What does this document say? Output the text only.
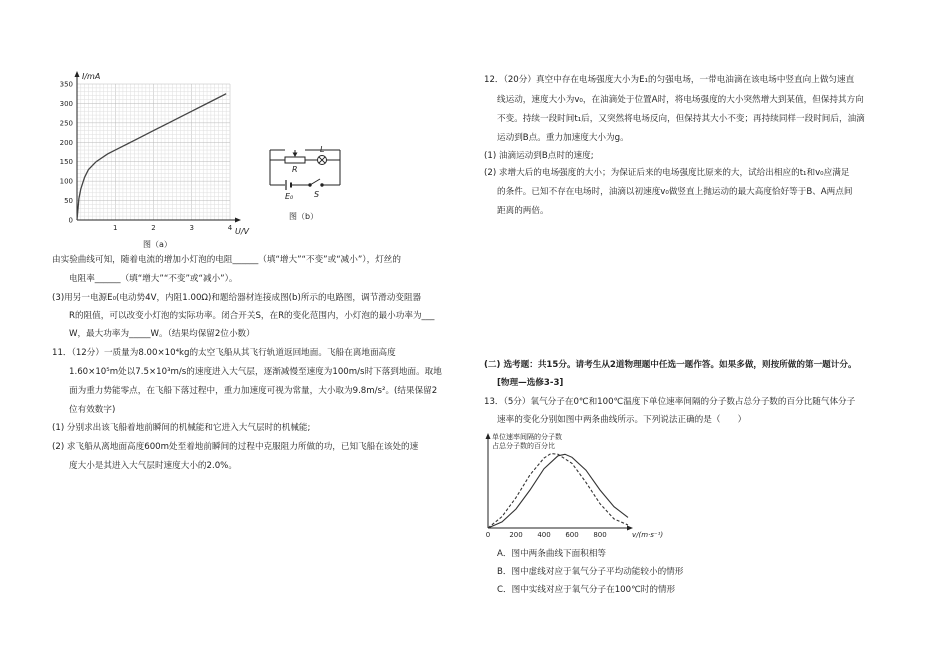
I/mA
U/V
350
300
250
200
150
100
50
0
1	2	3	4
图（a）
L
R
E₀	S
图（b）
由实验曲线可知，随着电流的增加小灯泡的电阻______（填“增大”“不变”或“减小”），灯丝的
电阻率______（填“增大”“不变”或“减小”）。
(3)用另一电源E₀(电动势4V，内阻1.00Ω)和题给器材连接成图(b)所示的电路图，调节滑动变阻器
R的阻值，可以改变小灯泡的实际功率。闭合开关S，在R的变化范围内，小灯泡的最小功率为___
W，最大功率为_____W。（结果均保留2位小数）
11．（12分）一质量为8.00×10⁴kg的太空飞船从其飞行轨道返回地面。飞船在离地面高度
1.60×10⁵m处以7.5×10³m/s的速度进入大气层，逐渐减慢至速度为100m/s时下落到地面。取地
面为重力势能零点，在飞船下落过程中，重力加速度可视为常量，大小取为9.8m/s²。(结果保留2
位有效数字)
(1) 分别求出该飞船着地前瞬间的机械能和它进入大气层时的机械能;
(2) 求飞船从离地面高度600m处至着地前瞬间的过程中克服阻力所做的功，已知飞船在该处的速
度大小是其进入大气层时速度大小的2.0%。
12．（20分）真空中存在电场强度大小为E₁的匀强电场，一带电油滴在该电场中竖直向上做匀速直
线运动，速度大小为v₀，在油滴处于位置A时，将电场强度的大小突然增大到某值，但保持其方向
不变。持续一段时间t₁后，又突然将电场反向，但保持其大小不变；再持续同样一段时间后，油滴
运动到B点。重力加速度大小为g。
(1) 油滴运动到B点时的速度;
(2) 求增大后的电场强度的大小；为保证后来的电场强度比原来的大，试给出相应的t₁和v₀应满足
的条件。已知不存在电场时，油滴以初速度v₀做竖直上抛运动的最大高度恰好等于B、A两点间
距离的两倍。
(二) 选考题：共15分。请考生从2道物理题中任选一题作答。如果多做，则按所做的第一题计分。
[物理—选修3-3]
13．（5分）氧气分子在0℃和100℃温度下单位速率间隔的分子数占总分子数的百分比随气体分子
速率的变化分别如图中两条曲线所示。下列说法正确的是（　　）
单位速率间隔的分子数
占总分子数的百分比
v/(m·s⁻¹)
0	200 400 600 800
A．图中两条曲线下面积相等
B．图中虚线对应于氧气分子平均动能较小的情形
C．图中实线对应于氧气分子在100℃时的情形
